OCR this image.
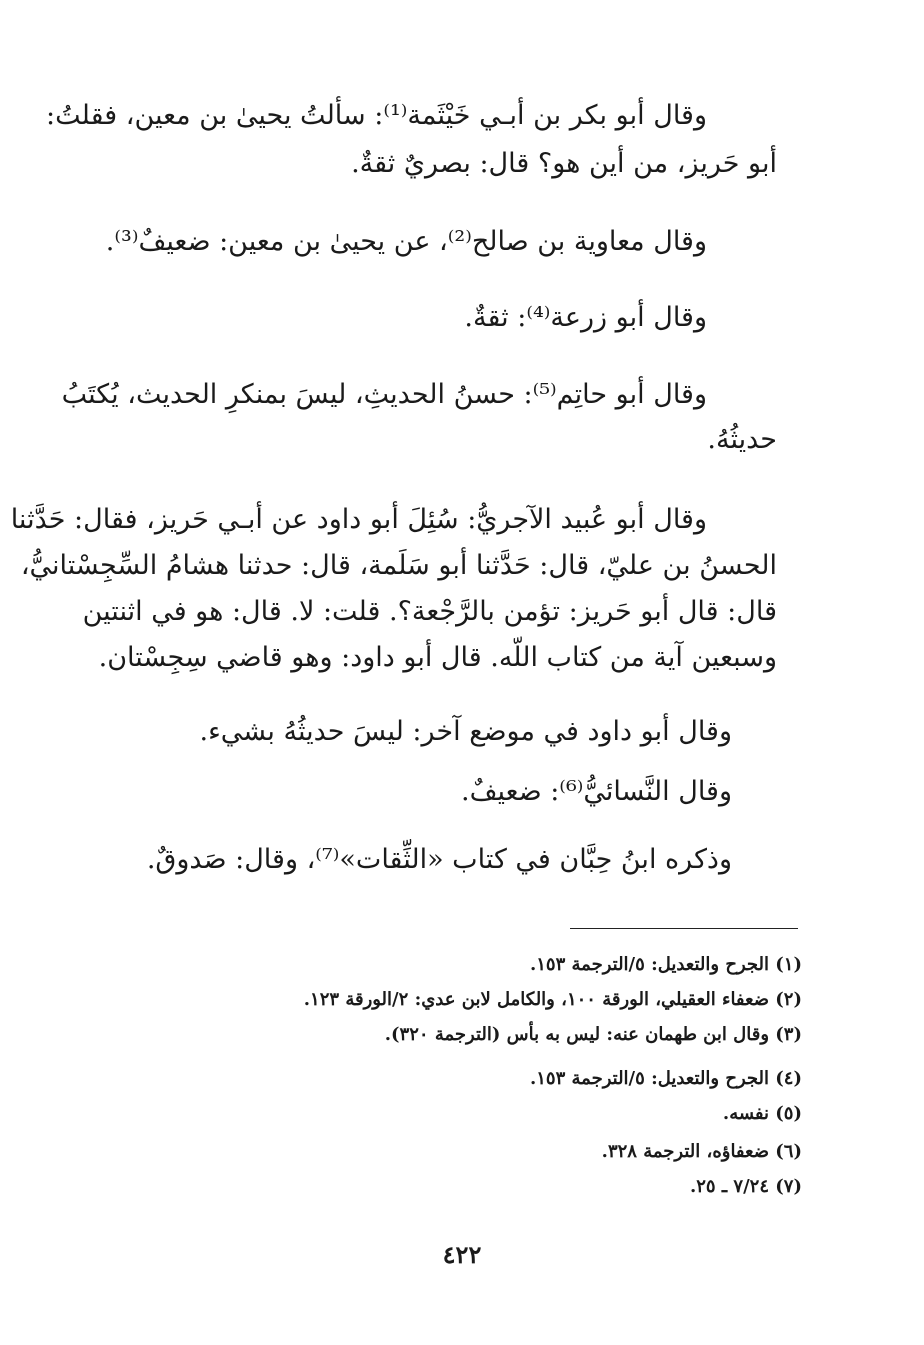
وقال أبو بكر بن أبـي خَيْثَمة⁽¹⁾: سألتُ يحيىٰ بن معين، فقلتُ:
أبو حَريز، من أين هو؟ قال: بصريٌ ثقةٌ.
وقال معاوية بن صالح⁽²⁾، عن يحيىٰ بن معين: ضعيفٌ⁽³⁾.
وقال أبو زرعة⁽⁴⁾: ثقةٌ.
وقال أبو حاتِم⁽⁵⁾: حسنُ الحديثِ، ليسَ بمنكرِ الحديث، يُكتَبُ
حديثُهُ.
وقال أبو عُبيد الآجريُّ: سُئِلَ أبو داود عن أبـي حَريز، فقال: حَدَّثنا
الحسنُ بن عليّ، قال: حَدَّثنا أبو سَلَمة، قال: حدثنا هشامُ السِّجِسْتانيُّ،
قال: قال أبو حَريز: تؤمن بالرَّجْعة؟. قلت: لا. قال: هو في اثنتين
وسبعين آية من كتاب اللّه. قال أبو داود: وهو قاضي سِجِسْتان.
وقال أبو داود في موضع آخر: ليسَ حديثُهُ بشيء.
وقال النَّسائيُّ⁽⁶⁾: ضعيفٌ.
وذكره ابنُ حِبَّان في كتاب «الثِّقات»⁽⁷⁾، وقال: صَدوقٌ.
(١) الجرح والتعديل: ٥/الترجمة ١٥٣.
(٢) ضعفاء العقيلي، الورقة ١٠٠، والكامل لابن عدي: ٢/الورقة ١٢٣.
(٣) وقال ابن طهمان عنه: ليس به بأس (الترجمة ٣٢٠).
(٤) الجرح والتعديل: ٥/الترجمة ١٥٣.
(٥) نفسه.
(٦) ضعفاؤه، الترجمة ٣٢٨.
(٧) ٧/٢٤ ـ ٢٥.
٤٢٢
